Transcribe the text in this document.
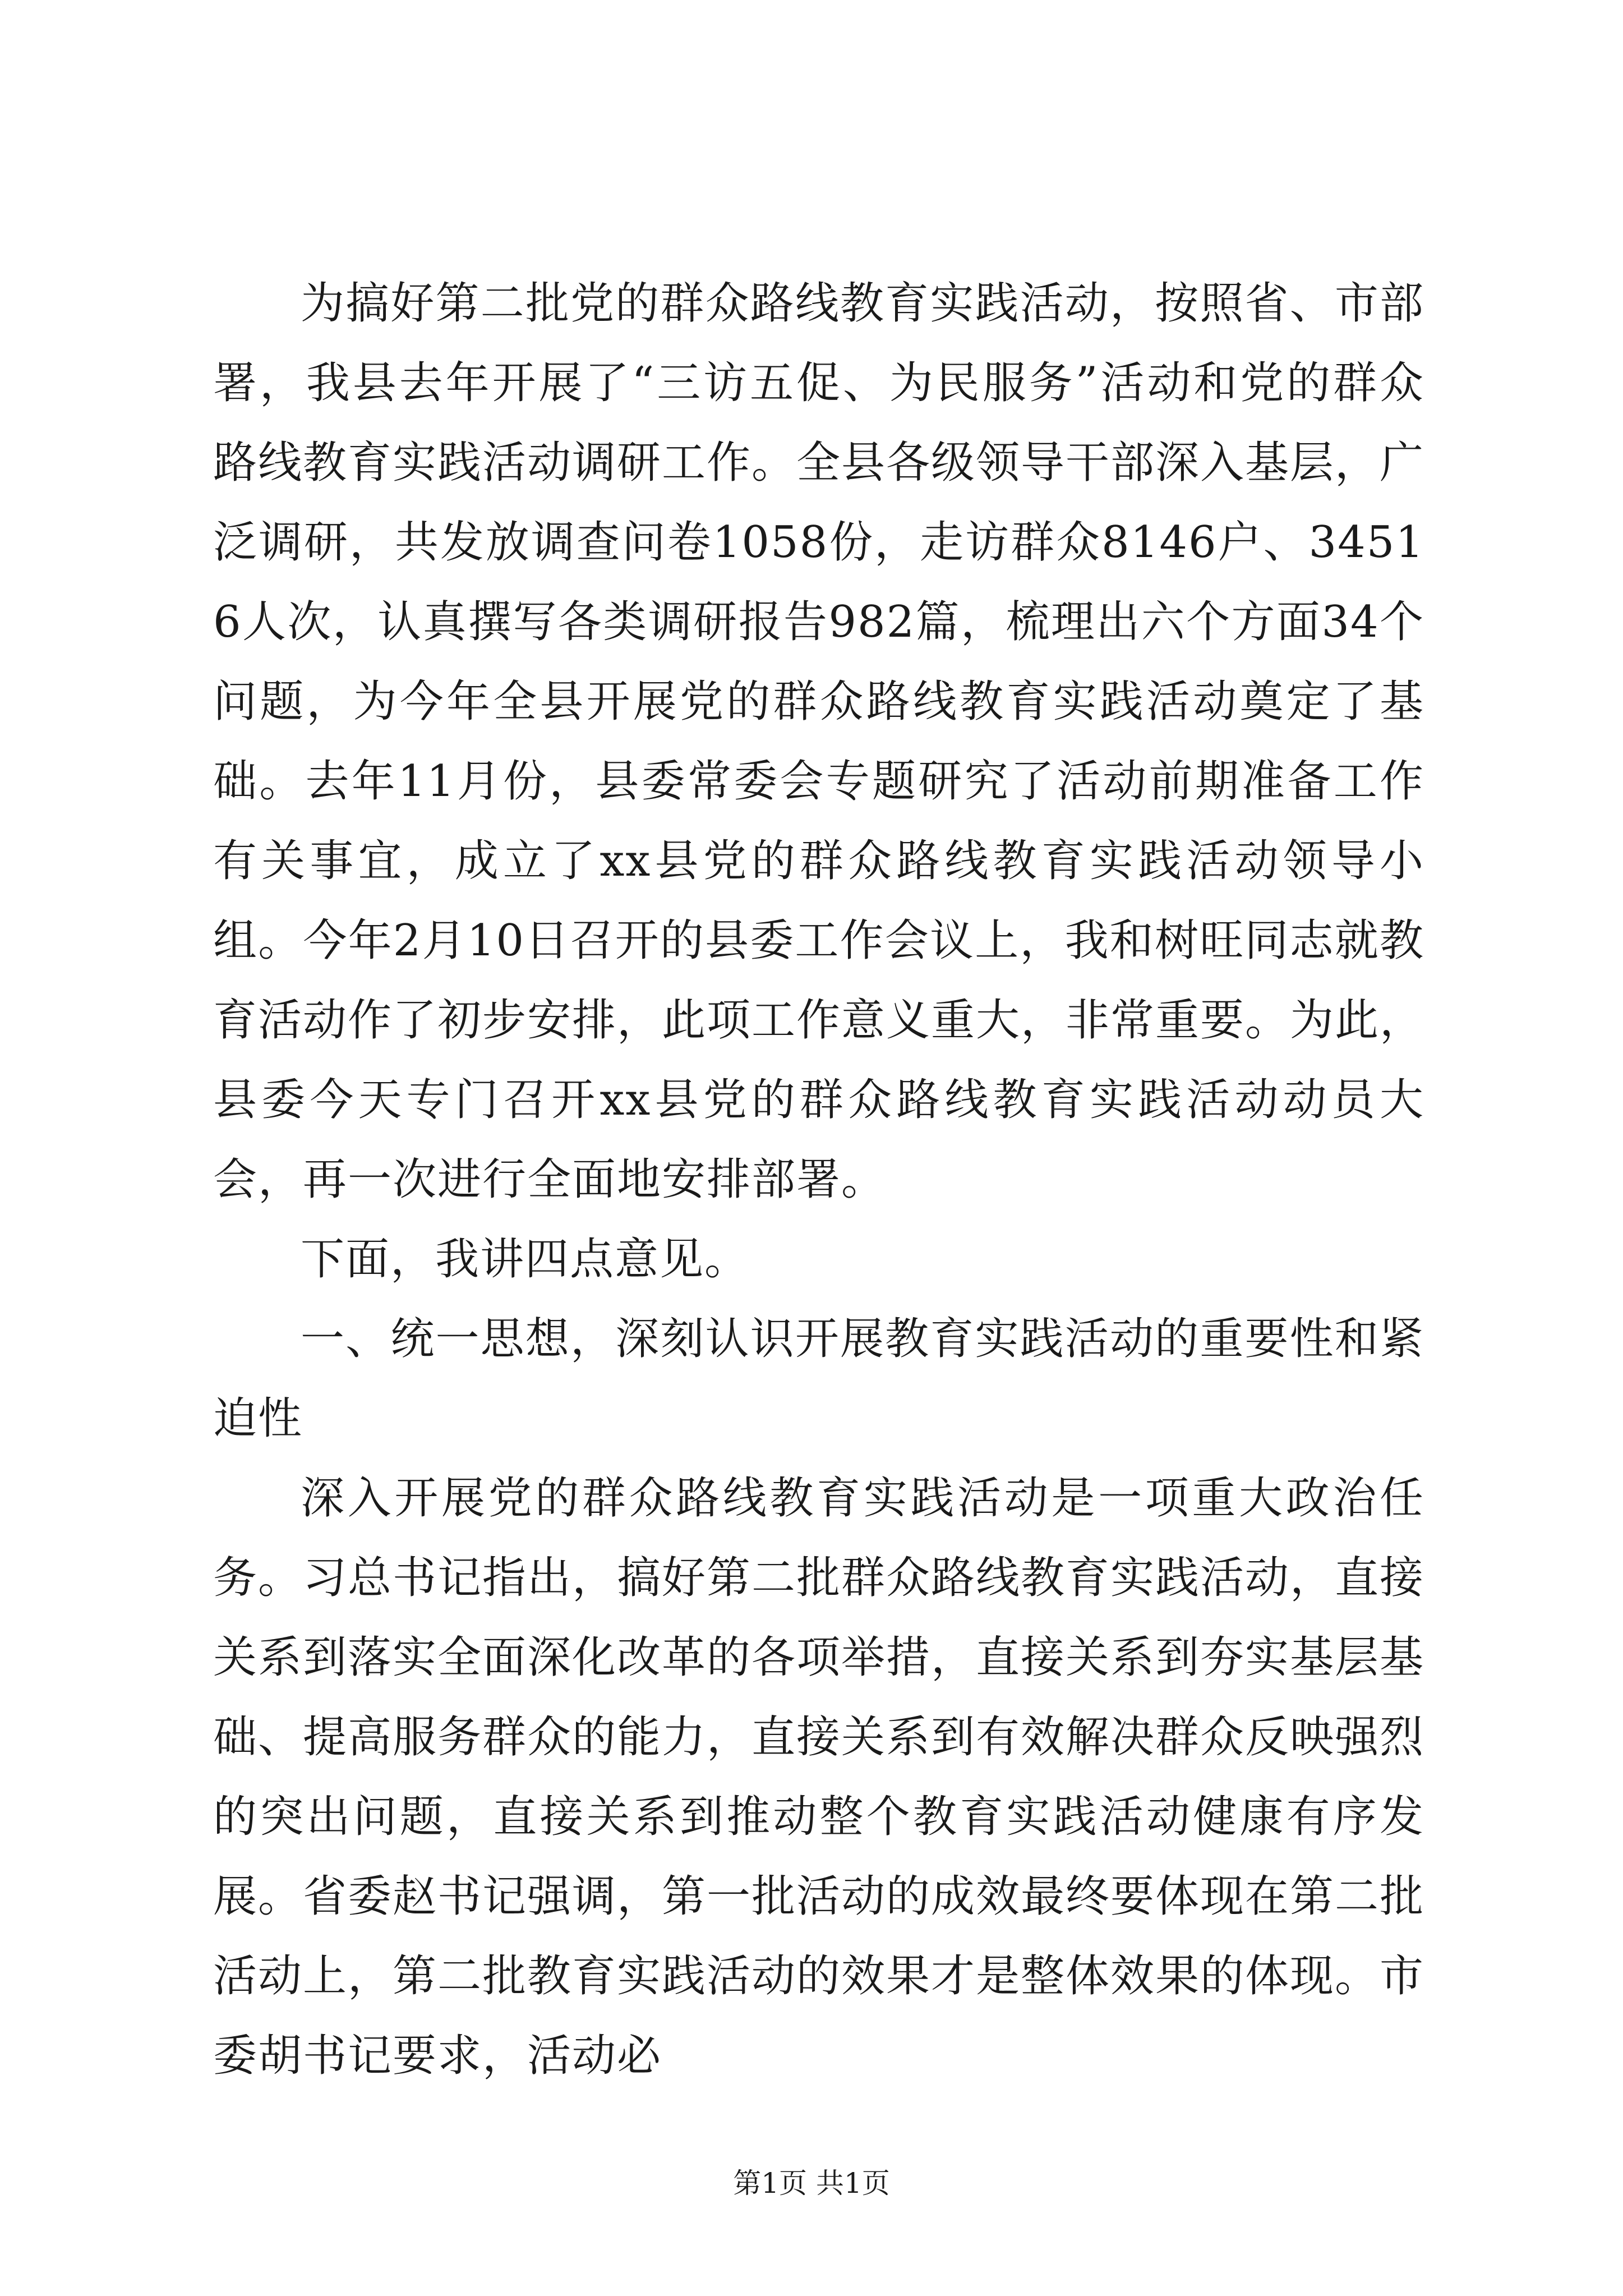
为搞好第二批党的群众路线教育实践活动，按照省、市部署，我县去年开展了“三访五促、为民服务”活动和党的群众路线教育实践活动调研工作。全县各级领导干部深入基层，广泛调研，共发放调查问卷1058份，走访群众8146户、34516人次，认真撰写各类调研报告982篇，梳理出六个方面34个问题，为今年全县开展党的群众路线教育实践活动奠定了基础。去年11月份，县委常委会专题研究了活动前期准备工作有关事宜，成立了xx县党的群众路线教育实践活动领导小组。今年2月10日召开的县委工作会议上，我和树旺同志就教育活动作了初步安排，此项工作意义重大，非常重要。为此，县委今天专门召开xx县党的群众路线教育实践活动动员大会，再一次进行全面地安排部署。

下面，我讲四点意见。

一、统一思想，深刻认识开展教育实践活动的重要性和紧迫性

深入开展党的群众路线教育实践活动是一项重大政治任务。习总书记指出，搞好第二批群众路线教育实践活动，直接关系到落实全面深化改革的各项举措，直接关系到夯实基层基础、提高服务群众的能力，直接关系到有效解决群众反映强烈的突出问题，直接关系到推动整个教育实践活动健康有序发展。省委赵书记强调，第一批活动的成效最终要体现在第二批活动上，第二批教育实践活动的效果才是整体效果的体现。市委胡书记要求，活动必

第1页 共1页
